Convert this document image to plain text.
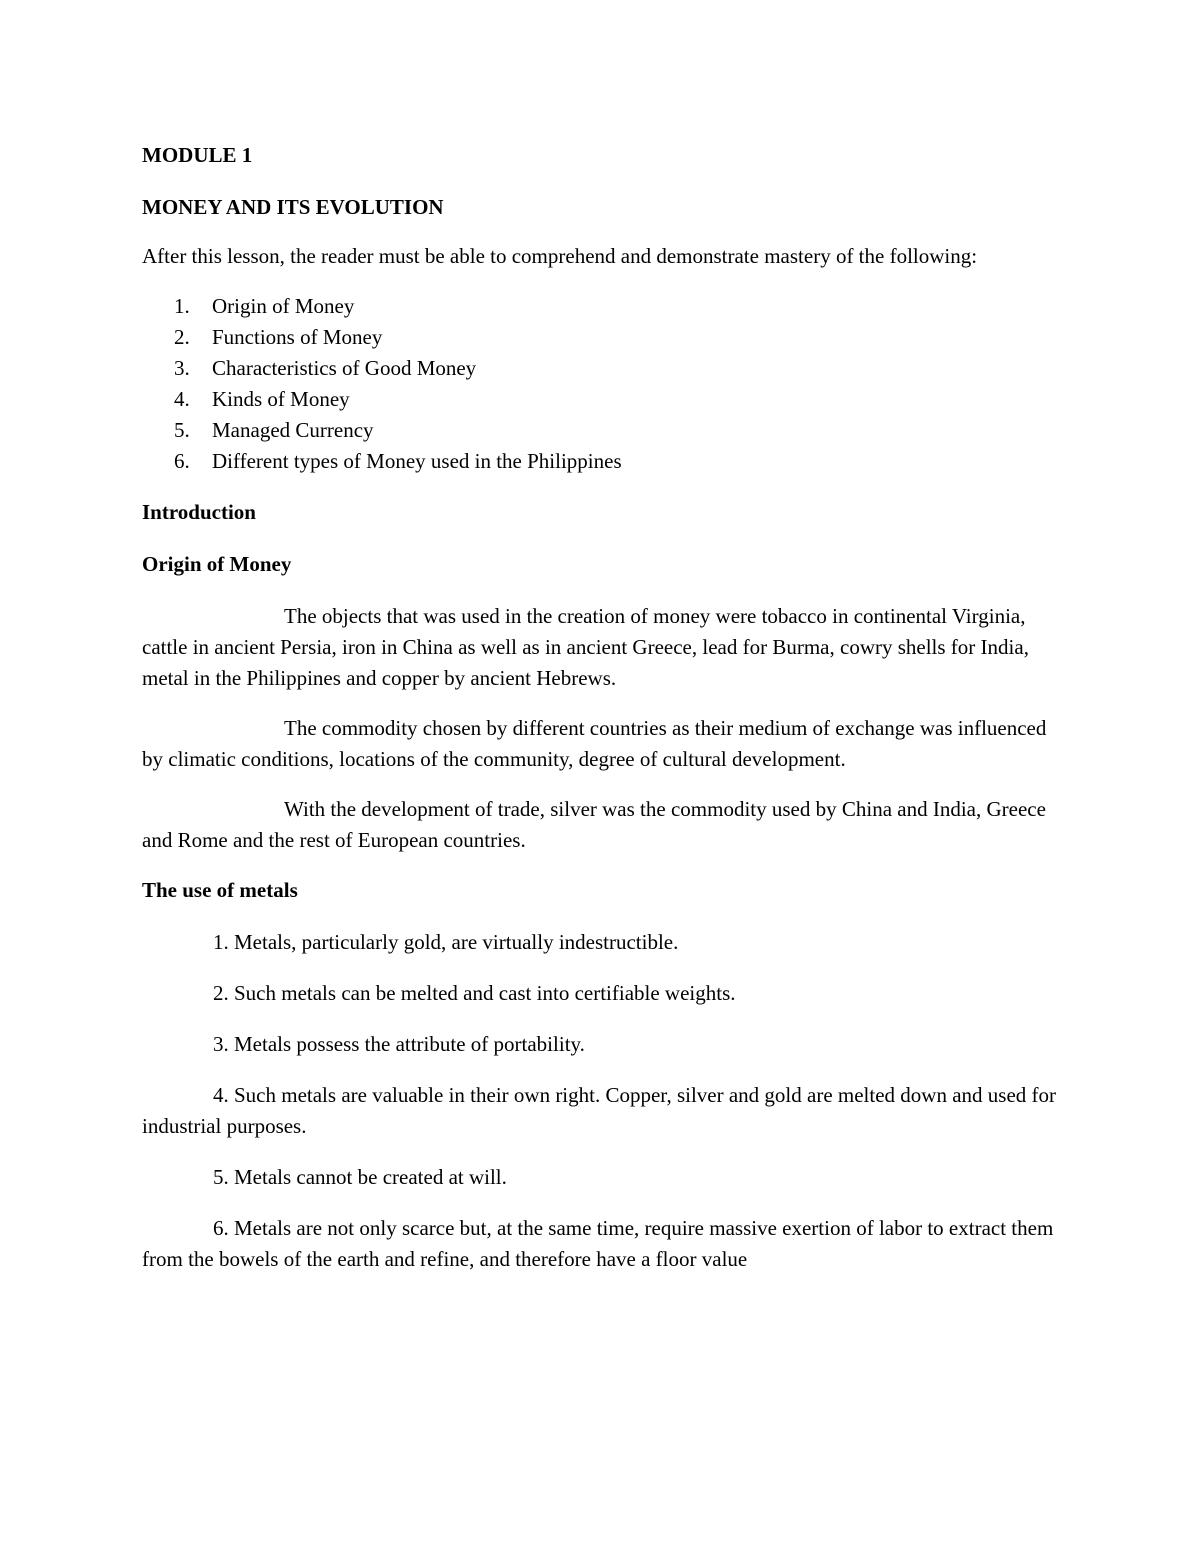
MODULE 1

MONEY AND ITS EVOLUTION

After this lesson, the reader must be able to comprehend and demonstrate mastery of the following:

1.	Origin of Money
2.	Functions of Money
3.	Characteristics of Good Money
4.	Kinds of Money
5.	Managed Currency
6.	Different types of Money used in the Philippines

Introduction

Origin of Money

The objects that was used in the creation of money were tobacco in continental Virginia, cattle in ancient Persia, iron in China as well as in ancient Greece, lead for Burma, cowry shells for India, metal in the Philippines and copper by ancient Hebrews.

The commodity chosen by different countries as their medium of exchange was influenced by climatic conditions, locations of the community, degree of cultural development.

With the development of trade, silver was the commodity used by China and India, Greece and Rome and the rest of European countries.

The use of metals

1. Metals, particularly gold, are virtually indestructible.
2. Such metals can be melted and cast into certifiable weights.
3. Metals possess the attribute of portability.
4. Such metals are valuable in their own right. Copper, silver and gold are melted down and used for industrial purposes.
5. Metals cannot be created at will.
6. Metals are not only scarce but, at the same time, require massive exertion of labor to extract them from the bowels of the earth and refine, and therefore have a floor value
